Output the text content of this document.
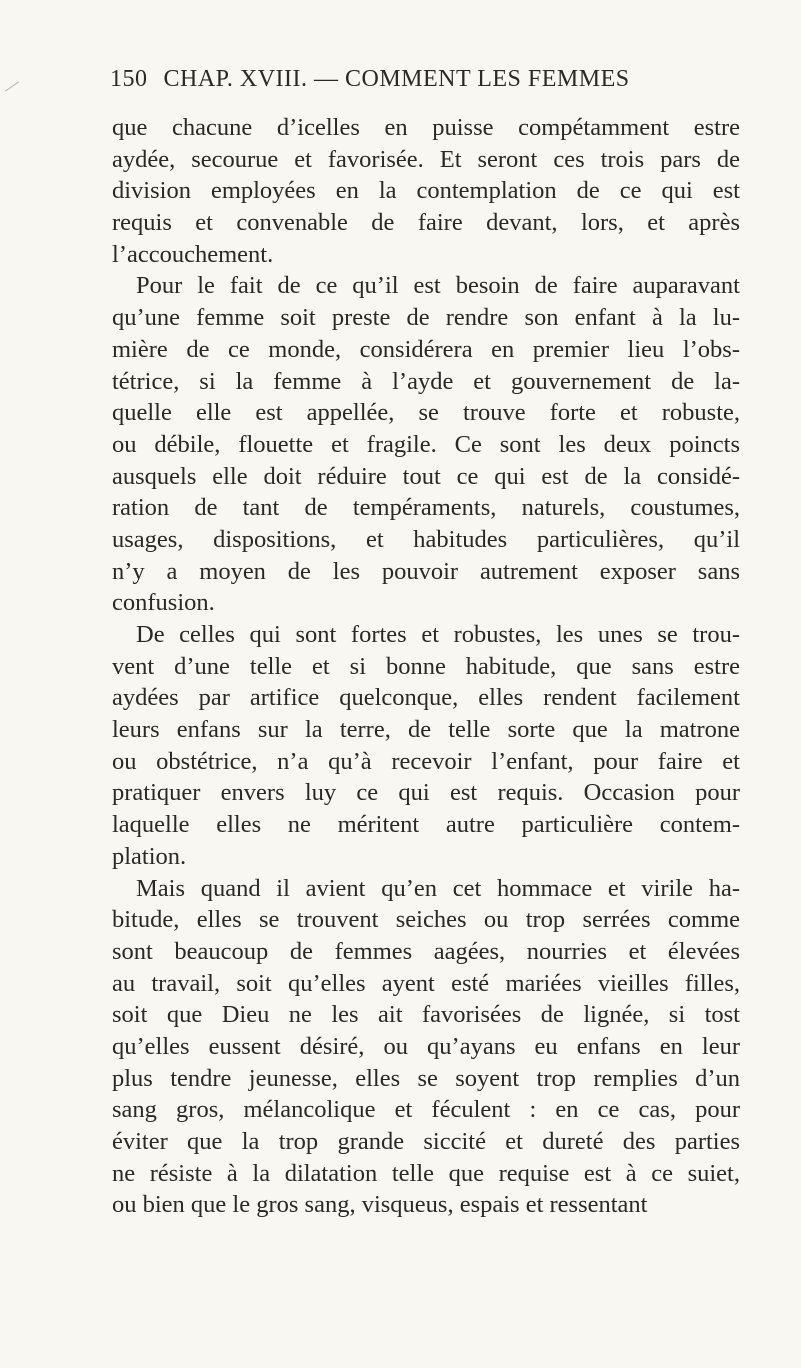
150 CHAP. XVIII. — COMMENT LES FEMMES
que chacune d’icelles en puisse compétamment estre
aydée, secourue et favorisée. Et seront ces trois pars de
division employées en la contemplation de ce qui est
requis et convenable de faire devant, lors, et après
l’accouchement.
Pour le fait de ce qu’il est besoin de faire auparavant
qu’une femme soit preste de rendre son enfant à la lu-
mière de ce monde, considérera en premier lieu l’obs-
tétrice, si la femme à l’ayde et gouvernement de la-
quelle elle est appellée, se trouve forte et robuste,
ou débile, flouette et fragile. Ce sont les deux poincts
ausquels elle doit réduire tout ce qui est de la considé-
ration de tant de tempéraments, naturels, coustumes,
usages, dispositions, et habitudes particulières, qu’il
n’y a moyen de les pouvoir autrement exposer sans
confusion.
De celles qui sont fortes et robustes, les unes se trou-
vent d’une telle et si bonne habitude, que sans estre
aydées par artifice quelconque, elles rendent facilement
leurs enfans sur la terre, de telle sorte que la matrone
ou obstétrice, n’a qu’à recevoir l’enfant, pour faire et
pratiquer envers luy ce qui est requis. Occasion pour
laquelle elles ne méritent autre particulière contem-
plation.
Mais quand il avient qu’en cet hommace et virile ha-
bitude, elles se trouvent seiches ou trop serrées comme
sont beaucoup de femmes aagées, nourries et élevées
au travail, soit qu’elles ayent esté mariées vieilles filles,
soit que Dieu ne les ait favorisées de lignée, si tost
qu’elles eussent désiré, ou qu’ayans eu enfans en leur
plus tendre jeunesse, elles se soyent trop remplies d’un
sang gros, mélancolique et féculent : en ce cas, pour
éviter que la trop grande siccité et dureté des parties
ne résiste à la dilatation telle que requise est à ce suiet,
ou bien que le gros sang, visqueus, espais et ressentant
